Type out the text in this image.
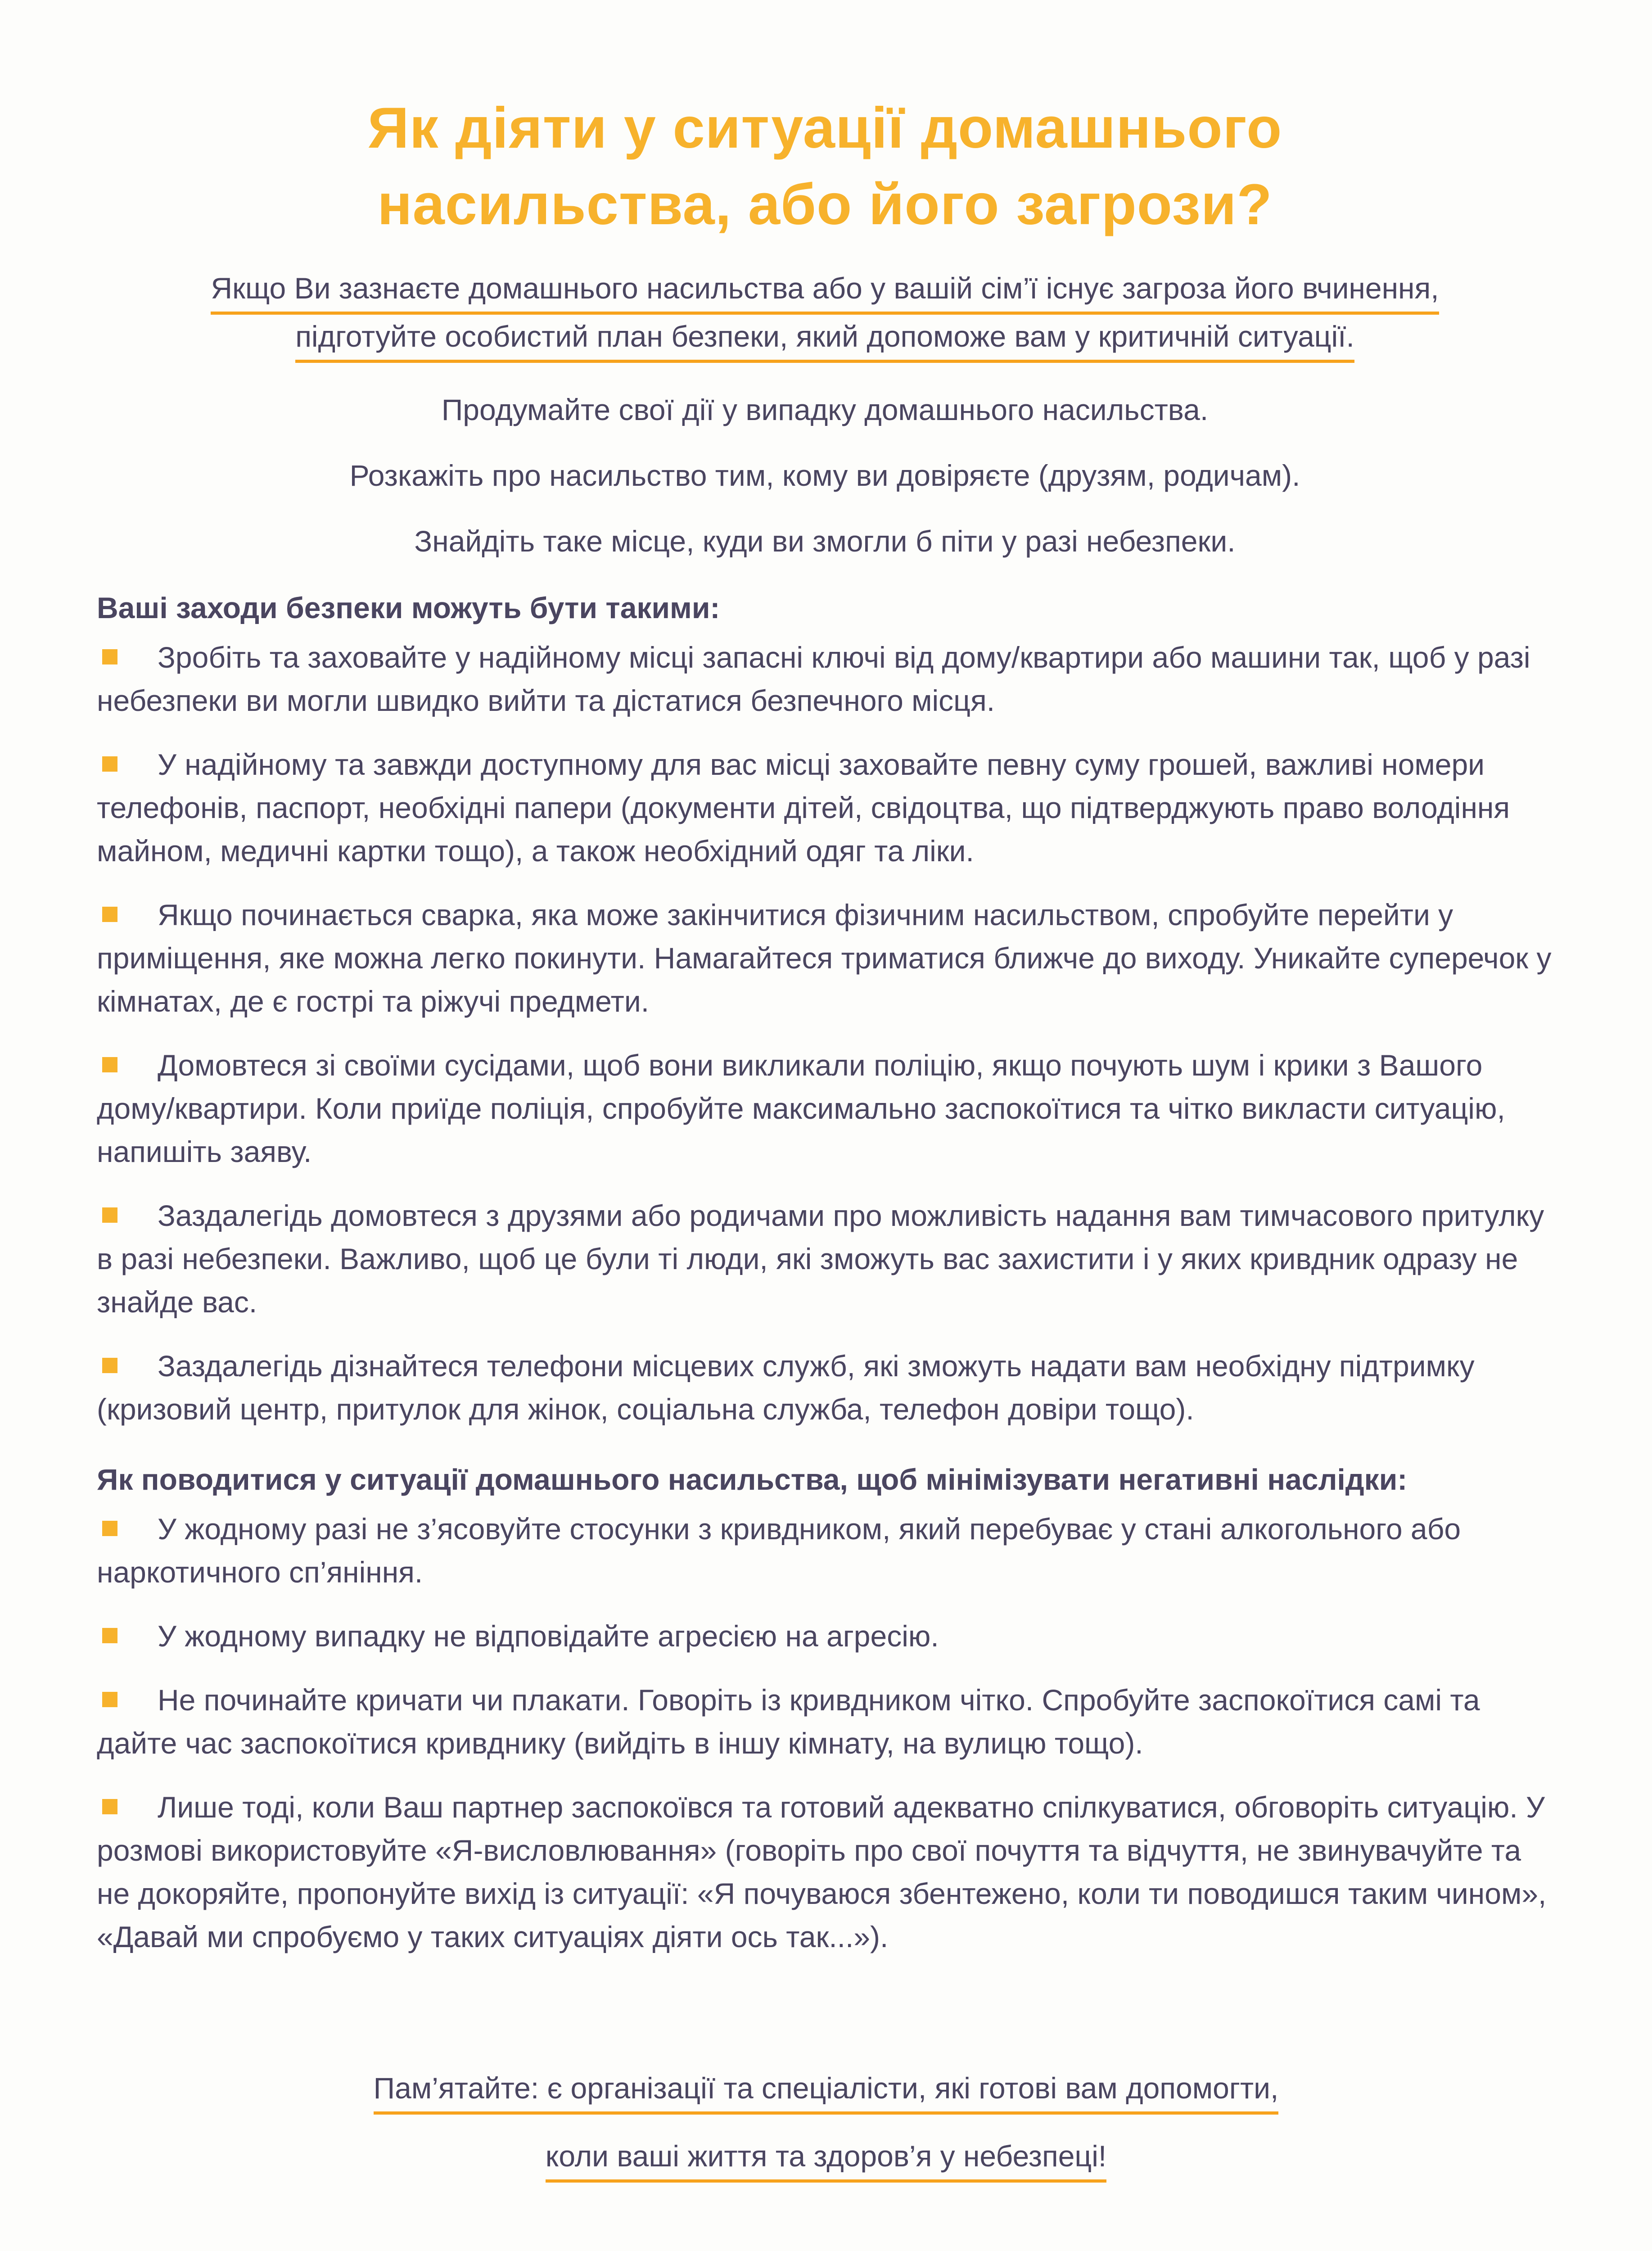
Як діяти у ситуації домашнього
насильства, або його загрози?
Якщо Ви зазнаєте домашнього насильства або у вашій сім’ї існує загроза його вчинення,
підготуйте особистий план безпеки, який допоможе вам у критичній ситуації.

Продумайте свої дії у випадку домашнього насильства.

Розкажіть про насильство тим, кому ви довіряєте (друзям, родичам).

Знайдіть таке місце, куди ви змогли б піти у разі небезпеки.

Ваші заходи безпеки можуть бути такими:
Зробіть та заховайте у надійному місці запасні ключі від дому/квартири або машини так, щоб у разі небезпеки ви могли швидко вийти та дістатися безпечного місця.
У надійному та завжди доступному для вас місці заховайте певну суму грошей, важливі номери телефонів, паспорт, необхідні папери (документи дітей, свідоцтва, що підтверджують право володіння майном, медичні картки тощо), а також необхідний одяг та ліки.
Якщо починається сварка, яка може закінчитися фізичним насильством, спробуйте перейти у приміщення, яке можна легко покинути. Намагайтеся триматися ближче до виходу. Уникайте суперечок у кімнатах, де є гострі та ріжучі предмети.
Домовтеся зі своїми сусідами, щоб вони викликали поліцію, якщо почують шум і крики з Вашого дому/квартири. Коли приїде поліція, спробуйте максимально заспокоїтися та чітко викласти ситуацію, напишіть заяву.
Заздалегідь домовтеся з друзями або родичами про можливість надання вам тимчасового притулку в разі небезпеки. Важливо, щоб це були ті люди, які зможуть вас захистити і у яких кривдник одразу не знайде вас.
Заздалегідь дізнайтеся телефони місцевих служб, які зможуть надати вам необхідну підтримку (кризовий центр, притулок для жінок, соціальна служба, телефон довіри тощо).
Як поводитися у ситуації домашнього насильства, щоб мінімізувати негативні наслідки:
У жодному разі не з’ясовуйте стосунки з кривдником, який перебуває у стані алкогольного або наркотичного сп’яніння.
У жодному випадку не відповідайте агресією на агресію.
Не починайте кричати чи плакати. Говоріть із кривдником чітко. Спробуйте заспокоїтися самі та дайте час заспокоїтися кривднику (вийдіть в іншу кімнату, на вулицю тощо).
Лише тоді, коли Ваш партнер заспокоївся та готовий адекватно спілкуватися, обговоріть ситуацію. У розмові використовуйте «Я-висловлювання» (говоріть про свої почуття та відчуття, не звинувачуйте та не докоряйте, пропонуйте вихід із ситуації: «Я почуваюся збентежено, коли ти поводишся таким чином», «Давай ми спробуємо у таких ситуаціях діяти ось так...»).
Пам’ятайте: є організації та спеціалісти, які готові вам допомогти,
коли ваші життя та здоров’я у небезпеці!
